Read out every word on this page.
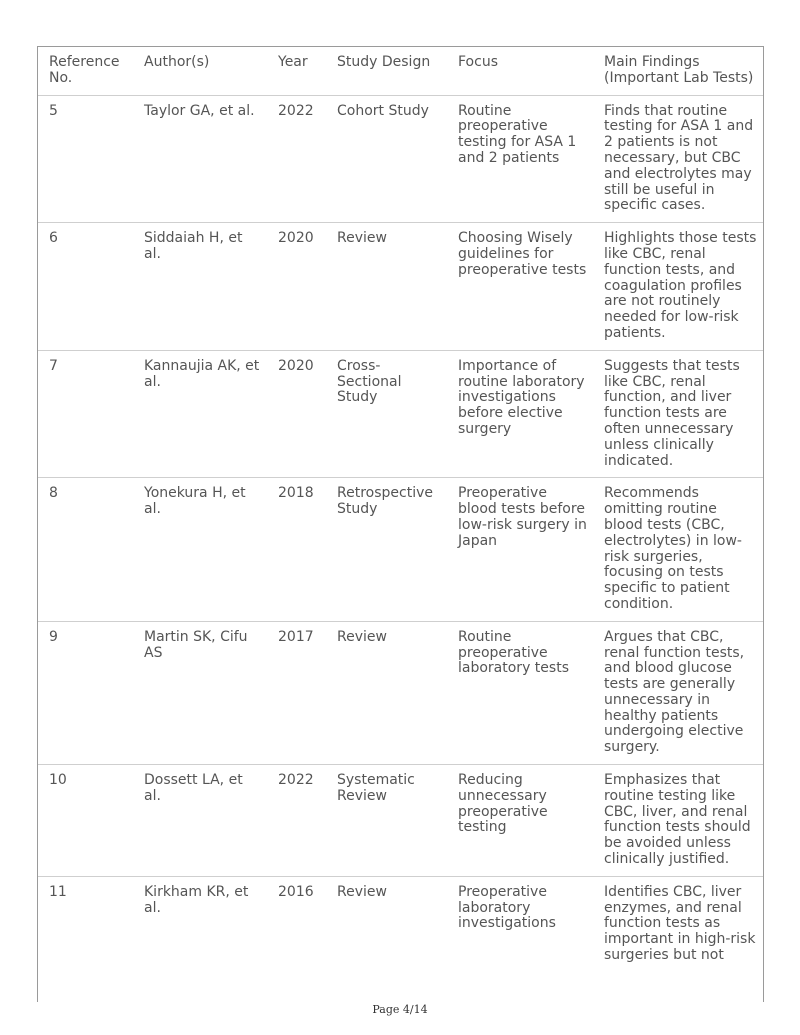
Reference No.	Author(s)	Year	Study Design	Focus	Main Findings (Important Lab Tests)
5	Taylor GA, et al.	2022	Cohort Study	Routine preoperative testing for ASA 1 and 2 patients	Finds that routine testing for ASA 1 and 2 patients is not necessary, but CBC and electrolytes may still be useful in specific cases.
6	Siddaiah H, et al.	2020	Review	Choosing Wisely guidelines for preoperative tests	Highlights those tests like CBC, renal function tests, and coagulation profiles are not routinely needed for low-risk patients.
7	Kannaujia AK, et al.	2020	Cross-Sectional Study	Importance of routine laboratory investigations before elective surgery	Suggests that tests like CBC, renal function, and liver function tests are often unnecessary unless clinically indicated.
8	Yonekura H, et al.	2018	Retrospective Study	Preoperative blood tests before low-risk surgery in Japan	Recommends omitting routine blood tests (CBC, electrolytes) in low-risk surgeries, focusing on tests specific to patient condition.
9	Martin SK, Cifu AS	2017	Review	Routine preoperative laboratory tests	Argues that CBC, renal function tests, and blood glucose tests are generally unnecessary in healthy patients undergoing elective surgery.
10	Dossett LA, et al.	2022	Systematic Review	Reducing unnecessary preoperative testing	Emphasizes that routine testing like CBC, liver, and renal function tests should be avoided unless clinically justified.
11	Kirkham KR, et al.	2016	Review	Preoperative laboratory investigations	Identifies CBC, liver enzymes, and renal function tests as important in high-risk surgeries but not
Page 4/14
